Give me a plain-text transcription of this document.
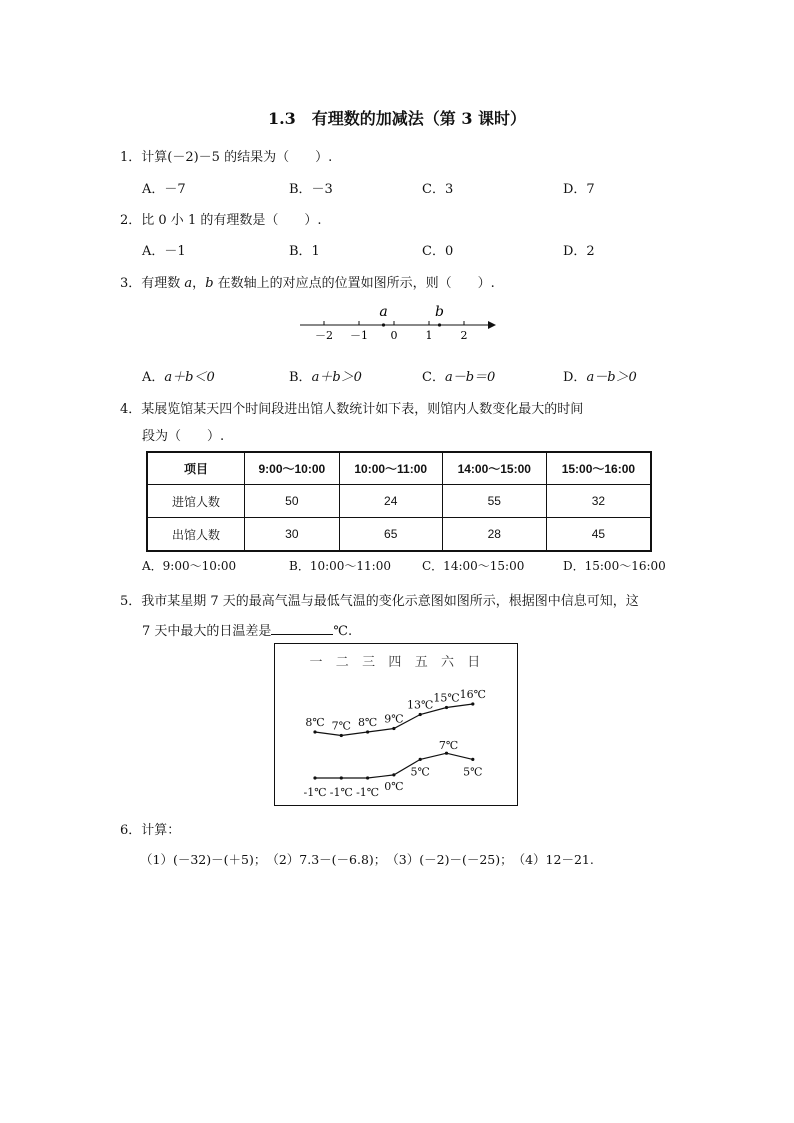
1.3　有理数的加减法（第 3 课时）
1．计算(－2)－5 的结果为（　　）.
A．－7	B．－3	C．3	D．7
2．比 0 小 1 的有理数是（　　）.
A．－1	B．1	C．0	D．2
3．有理数 a，b 在数轴上的对应点的位置如图所示，则（　　）.
－2 －1 0	1	2
a	b
A．a＋b＜0	B．a＋b＞0	C．a－b＝0	D．a－b＞0
4．某展览馆某天四个时间段进出馆人数统计如下表，则馆内人数变化最大的时间
段为（　　）.
项目	9:00～10:00	10:00～11:00	14:00～15:00	15:00～16:00
进馆人数	50	24	55	32
出馆人数	30	65	28	45
A．9:00～10:00	B．10:00～11:00	C．14:00～15:00	D．15:00～16:00
5．我市某星期 7 天的最高气温与最低气温的变化示意图如图所示，根据图中信息可知，这
7 天中最大的日温差是	℃.
一 二 三 四 五 六 日
8℃ 7℃ 8℃ 9℃
13℃
15℃ 16℃
-1℃ -1℃ -1℃ 0℃
5℃
7℃
5℃
6．计算：
（1）(－32)－(＋5)；　（2）7.3－(－6.8)；　（3）(－2)－(－25)；　（4）12－21.
